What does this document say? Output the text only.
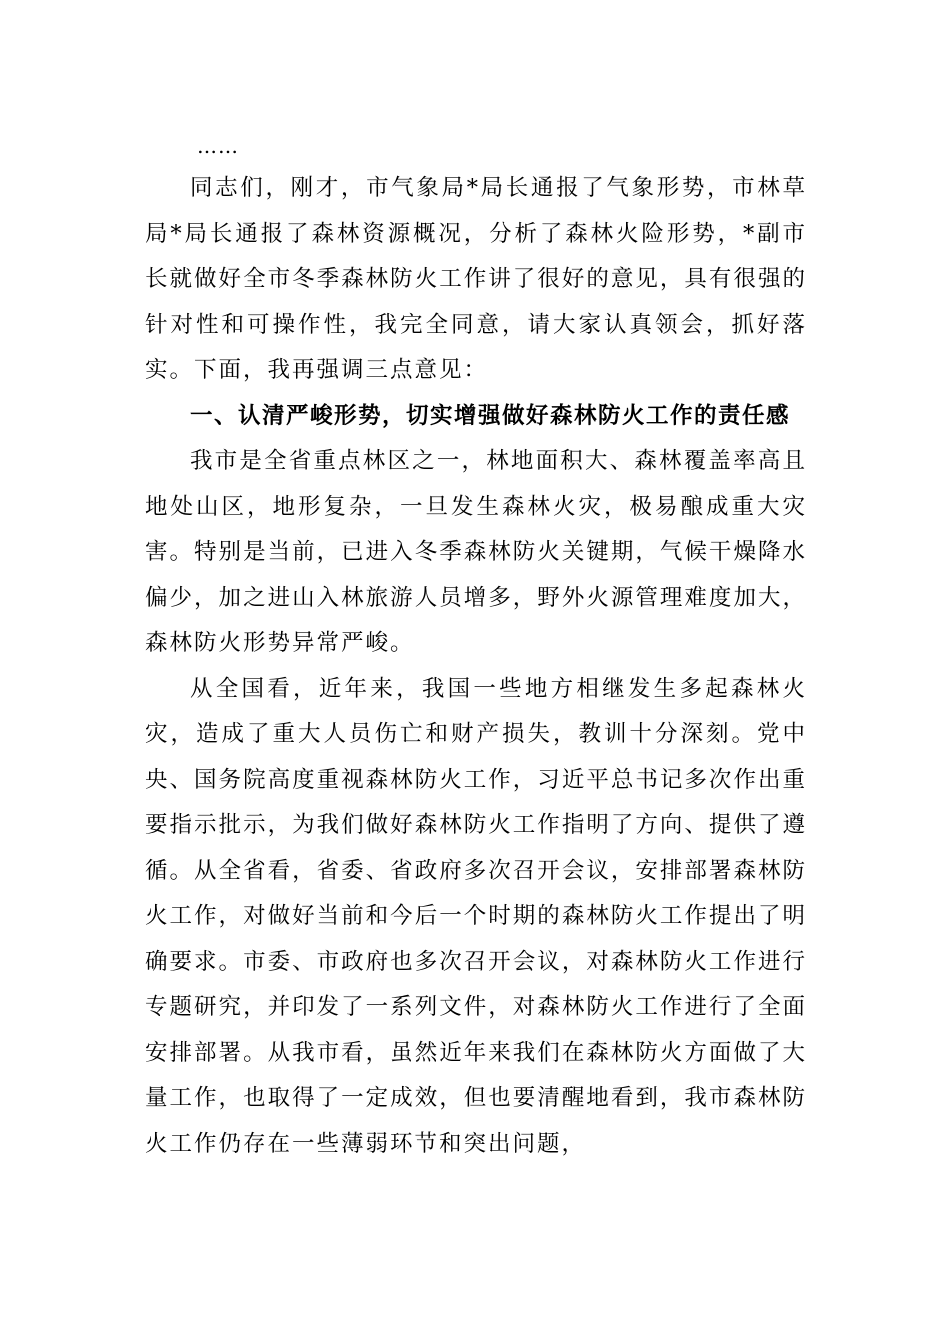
……

同志们，刚才，市气象局*局长通报了气象形势，市林草局*局长通报了森林资源概况，分析了森林火险形势，*副市长就做好全市冬季森林防火工作讲了很好的意见，具有很强的针对性和可操作性，我完全同意，请大家认真领会，抓好落实。下面，我再强调三点意见：

一、认清严峻形势，切实增强做好森林防火工作的责任感

我市是全省重点林区之一，林地面积大、森林覆盖率高且地处山区，地形复杂，一旦发生森林火灾，极易酿成重大灾害。特别是当前，已进入冬季森林防火关键期，气候干燥降水偏少，加之进山入林旅游人员增多，野外火源管理难度加大，森林防火形势异常严峻。

从全国看，近年来，我国一些地方相继发生多起森林火灾，造成了重大人员伤亡和财产损失，教训十分深刻。党中央、国务院高度重视森林防火工作，习近平总书记多次作出重要指示批示，为我们做好森林防火工作指明了方向、提供了遵循。从全省看，省委、省政府多次召开会议，安排部署森林防火工作，对做好当前和今后一个时期的森林防火工作提出了明确要求。市委、市政府也多次召开会议，对森林防火工作进行专题研究，并印发了一系列文件，对森林防火工作进行了全面安排部署。从我市看，虽然近年来我们在森林防火方面做了大量工作，也取得了一定成效，但也要清醒地看到，我市森林防火工作仍存在一些薄弱环节和突出问题，
